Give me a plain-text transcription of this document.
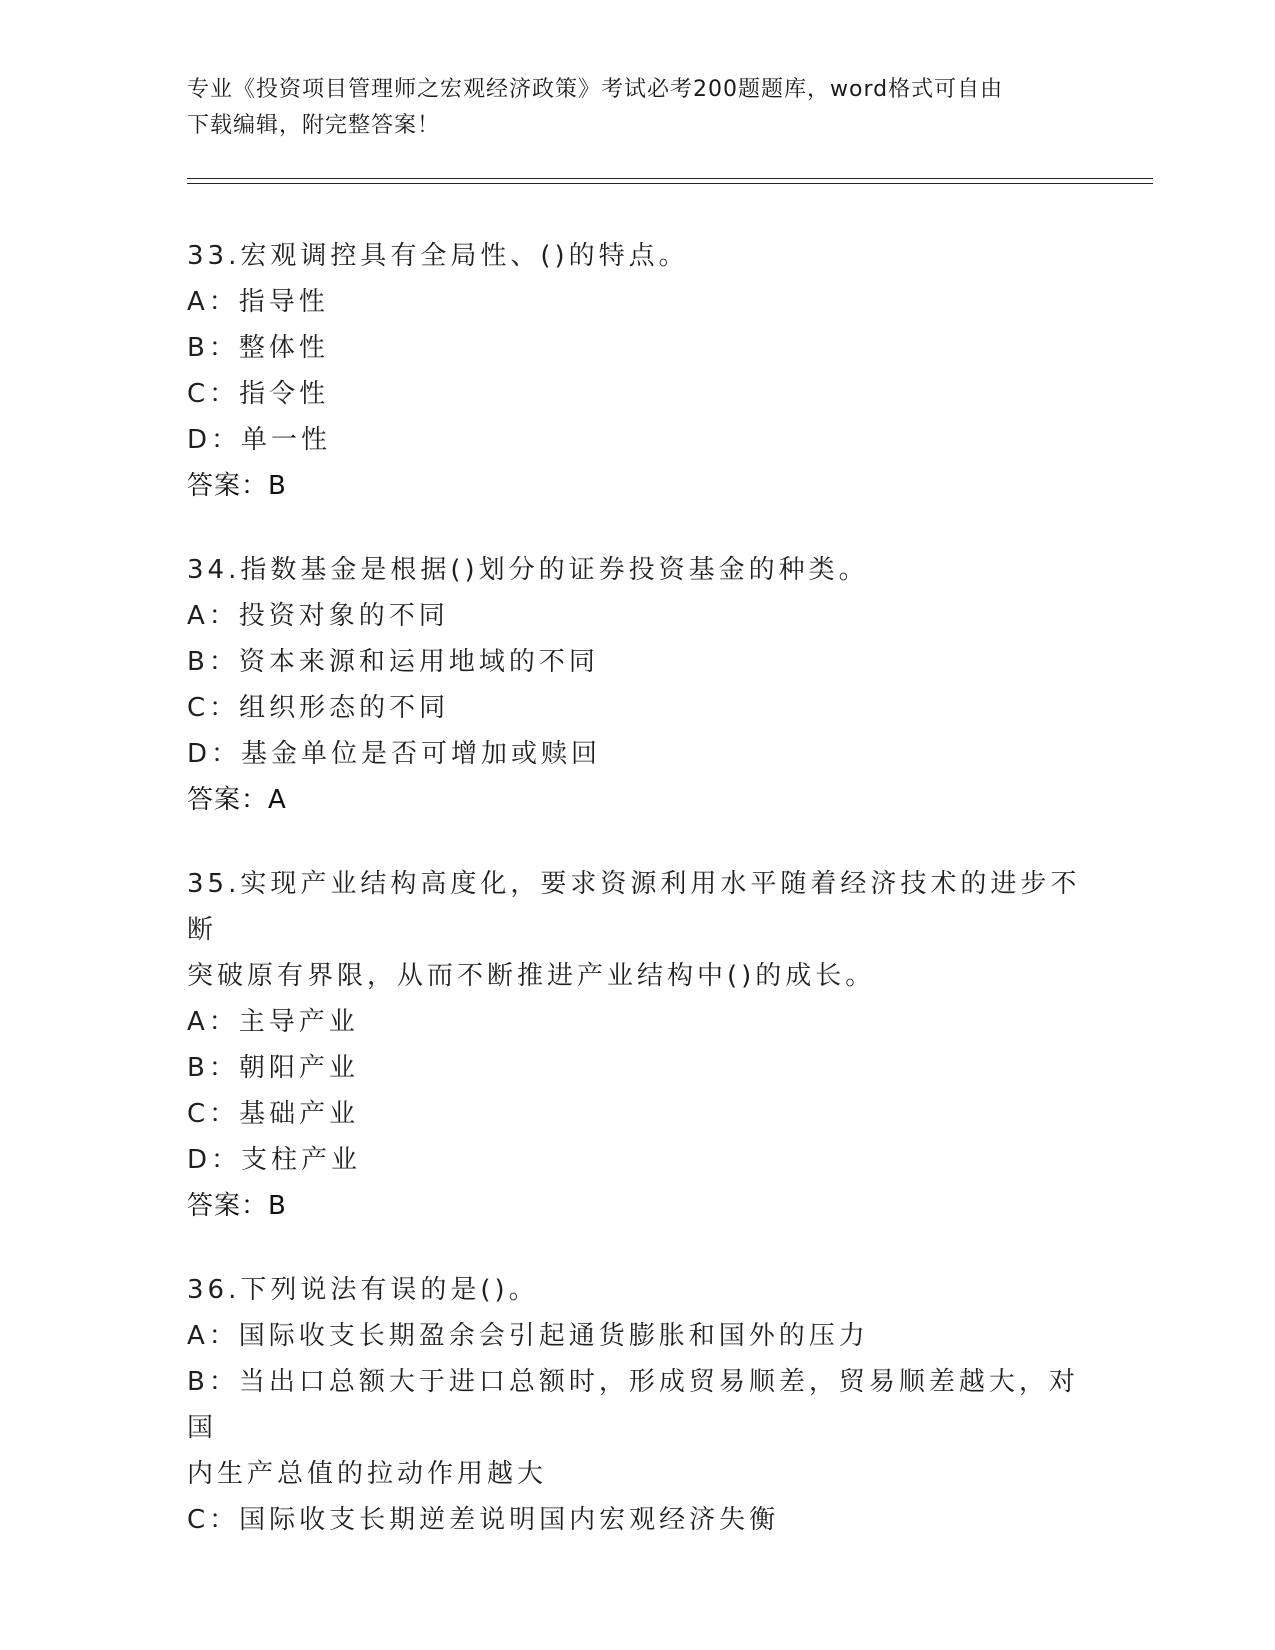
专业《投资项目管理师之宏观经济政策》考试必考200题题库，word格式可自由
下载编辑，附完整答案！
33.宏观调控具有全局性、()的特点。
A：指导性
B：整体性
C：指令性
D：单一性
答案：B
34.指数基金是根据()划分的证券投资基金的种类。
A：投资对象的不同
B：资本来源和运用地域的不同
C：组织形态的不同
D：基金单位是否可增加或赎回
答案：A
35.实现产业结构高度化，要求资源利用水平随着经济技术的进步不断
突破原有界限，从而不断推进产业结构中()的成长。
A：主导产业
B：朝阳产业
C：基础产业
D：支柱产业
答案：B
36.下列说法有误的是()。
A：国际收支长期盈余会引起通货膨胀和国外的压力
B：当出口总额大于进口总额时，形成贸易顺差，贸易顺差越大，对国
内生产总值的拉动作用越大
C：国际收支长期逆差说明国内宏观经济失衡
